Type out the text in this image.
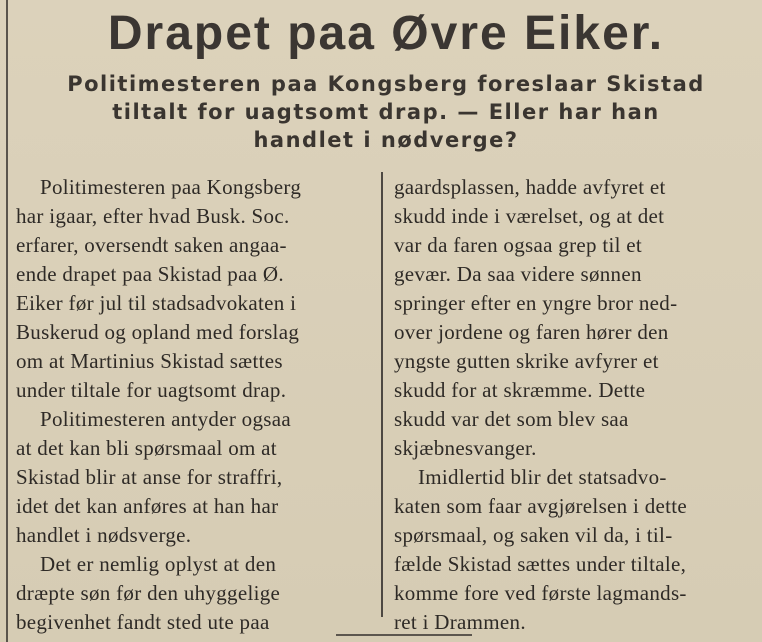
Drapet paa Øvre Eiker.
Politimesteren paa Kongsberg foreslaar Skistad
tiltalt for uagtsomt drap. — Eller har han
handlet i nødverge?
Politimesteren paa Kongsberg
har igaar, efter hvad Busk. Soc.
erfarer, oversendt saken angaa-
ende drapet paa Skistad paa Ø.
Eiker før jul til stadsadvokaten i
Buskerud og opland med forslag
om at Martinius Skistad sættes
under tiltale for uagtsomt drap.
Politimesteren antyder ogsaa
at det kan bli spørsmaal om at
Skistad blir at anse for straffri,
idet det kan anføres at han har
handlet i nødsverge.
Det er nemlig oplyst at den
dræpte søn før den uhyggelige
begivenhet fandt sted ute paa
gaardsplassen, hadde avfyret et
skudd inde i værelset, og at det
var da faren ogsaa grep til et
gevær. Da saa videre sønnen
springer efter en yngre bror ned-
over jordene og faren hører den
yngste gutten skrike avfyrer et
skudd for at skræmme. Dette
skudd var det som blev saa
skjæbnesvanger.
Imidlertid blir det statsadvo-
katen som faar avgjørelsen i dette
spørsmaal, og saken vil da, i til-
fælde Skistad sættes under tiltale,
komme fore ved første lagmands-
ret i Drammen.
